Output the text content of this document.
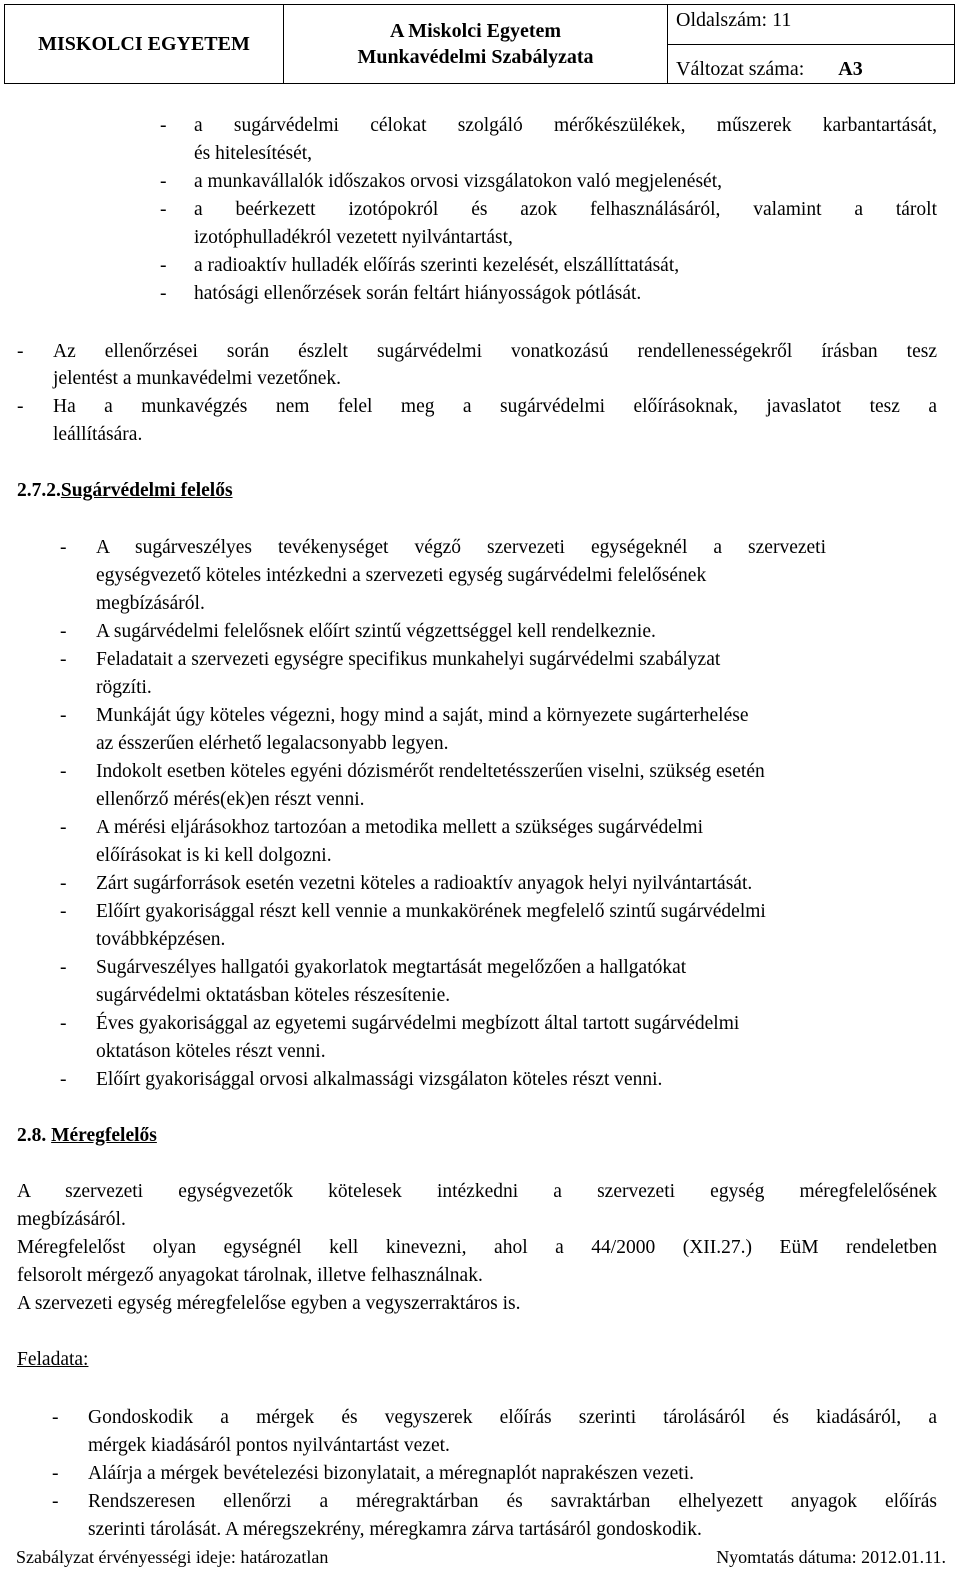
MISKOLCI EGYETEM
A Miskolci Egyetem
Munkavédelmi Szabályzata
Oldalszám: 11
Változat száma: A3
- a sugárvédelmi célokat szolgáló mérőkészülékek, műszerek karbantartását,
és hitelesítését,
- a munkavállalók időszakos orvosi vizsgálatokon való megjelenését,
- a beérkezett izotópokról és azok felhasználásáról, valamint a tárolt
izotóphulladékról vezetett nyilvántartást,
- a radioaktív hulladék előírás szerinti kezelését, elszállíttatását,
- hatósági ellenőrzések során feltárt hiányosságok pótlását.
- Az ellenőrzései során észlelt sugárvédelmi vonatkozású rendellenességekről írásban tesz
jelentést a munkavédelmi vezetőnek.
- Ha a munkavégzés nem felel meg a sugárvédelmi előírásoknak, javaslatot tesz a
leállítására.
2.7.2.Sugárvédelmi felelős
- A sugárveszélyes tevékenységet végző szervezeti egységeknél a szervezeti
egységvezető köteles intézkedni a szervezeti egység sugárvédelmi felelősének
megbízásáról.
- A sugárvédelmi felelősnek előírt szintű végzettséggel kell rendelkeznie.
- Feladatait a szervezeti egységre specifikus munkahelyi sugárvédelmi szabályzat
rögzíti.
- Munkáját úgy köteles végezni, hogy mind a saját, mind a környezete sugárterhelése
az ésszerűen elérhető legalacsonyabb legyen.
- Indokolt esetben köteles egyéni dózismérőt rendeltetésszerűen viselni, szükség esetén
ellenőrző mérés(ek)en részt venni.
- A mérési eljárásokhoz tartozóan a metodika mellett a szükséges sugárvédelmi
előírásokat is ki kell dolgozni.
- Zárt sugárforrások esetén vezetni köteles a radioaktív anyagok helyi nyilvántartását.
- Előírt gyakorisággal részt kell vennie a munkakörének megfelelő szintű sugárvédelmi
továbbképzésen.
- Sugárveszélyes hallgatói gyakorlatok megtartását megelőzően a hallgatókat
sugárvédelmi oktatásban köteles részesítenie.
- Éves gyakorisággal az egyetemi sugárvédelmi megbízott által tartott sugárvédelmi
oktatáson köteles részt venni.
- Előírt gyakorisággal orvosi alkalmassági vizsgálaton köteles részt venni.
2.8. Méregfelelős
A szervezeti egységvezetők kötelesek intézkedni a szervezeti egység méregfelelősének
megbízásáról.
Méregfelelőst olyan egységnél kell kinevezni, ahol a 44/2000 (XII.27.) EüM rendeletben
felsorolt mérgező anyagokat tárolnak, illetve felhasználnak.
A szervezeti egység méregfelelőse egyben a vegyszerraktáros is.
Feladata:
- Gondoskodik a mérgek és vegyszerek előírás szerinti tárolásáról és kiadásáról, a
mérgek kiadásáról pontos nyilvántartást vezet.
- Aláírja a mérgek bevételezési bizonylatait, a méregnaplót naprakészen vezeti.
- Rendszeresen ellenőrzi a méregraktárban és savraktárban elhelyezett anyagok előírás
szerinti tárolását. A méregszekrény, méregkamra zárva tartásáról gondoskodik.
Szabályzat érvényességi ideje: határozatlan	Nyomtatás dátuma: 2012.01.11.
